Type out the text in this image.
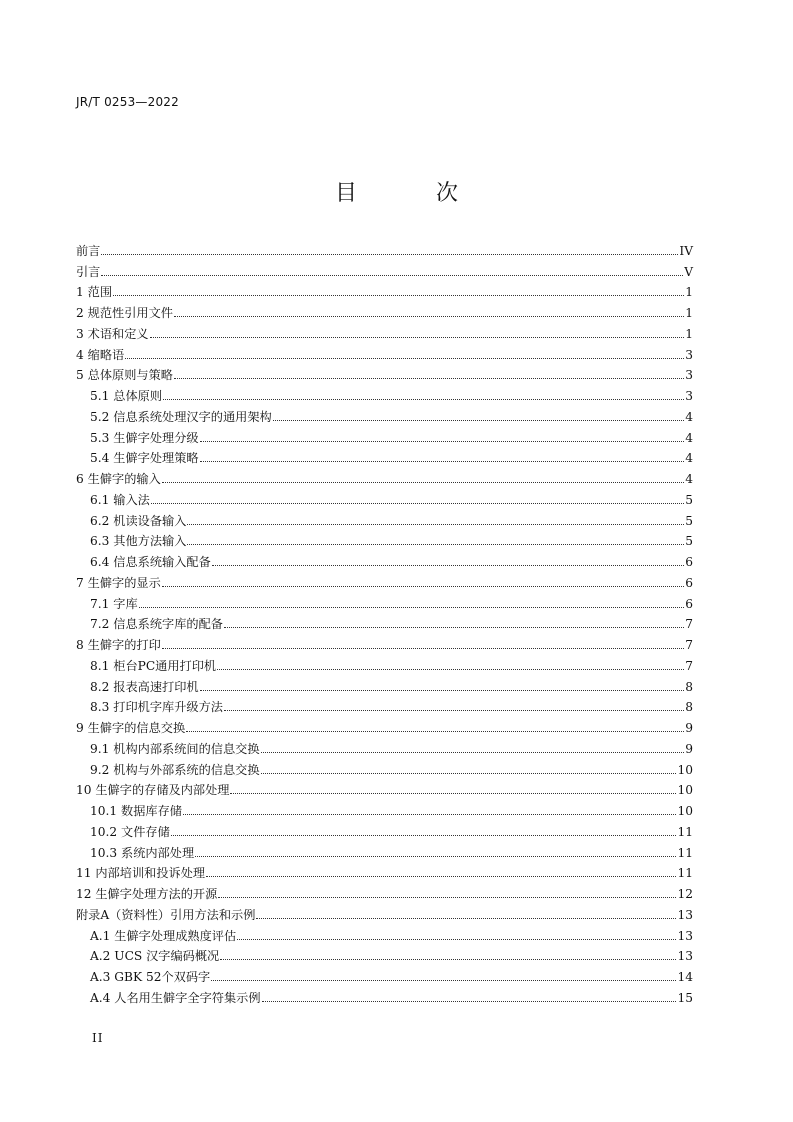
JR/T 0253—2022
目 次
前言	IV
引言	V
1 范围	1
2 规范性引用文件	1
3 术语和定义	1
4 缩略语	3
5 总体原则与策略	3
5.1 总体原则	3
5.2 信息系统处理汉字的通用架构	4
5.3 生僻字处理分级	4
5.4 生僻字处理策略	4
6 生僻字的输入	4
6.1 输入法	5
6.2 机读设备输入	5
6.3 其他方法输入	5
6.4 信息系统输入配备	6
7 生僻字的显示	6
7.1 字库	6
7.2 信息系统字库的配备	7
8 生僻字的打印	7
8.1 柜台PC通用打印机	7
8.2 报表高速打印机	8
8.3 打印机字库升级方法	8
9 生僻字的信息交换	9
9.1 机构内部系统间的信息交换	9
9.2 机构与外部系统的信息交换	10
10 生僻字的存储及内部处理	10
10.1 数据库存储	10
10.2 文件存储	11
10.3 系统内部处理	11
11 内部培训和投诉处理	11
12 生僻字处理方法的开源	12
附录A（资料性）引用方法和示例	13
A.1 生僻字处理成熟度评估	13
A.2 UCS 汉字编码概况	13
A.3 GBK 52个双码字	14
A.4 人名用生僻字全字符集示例	15
II
